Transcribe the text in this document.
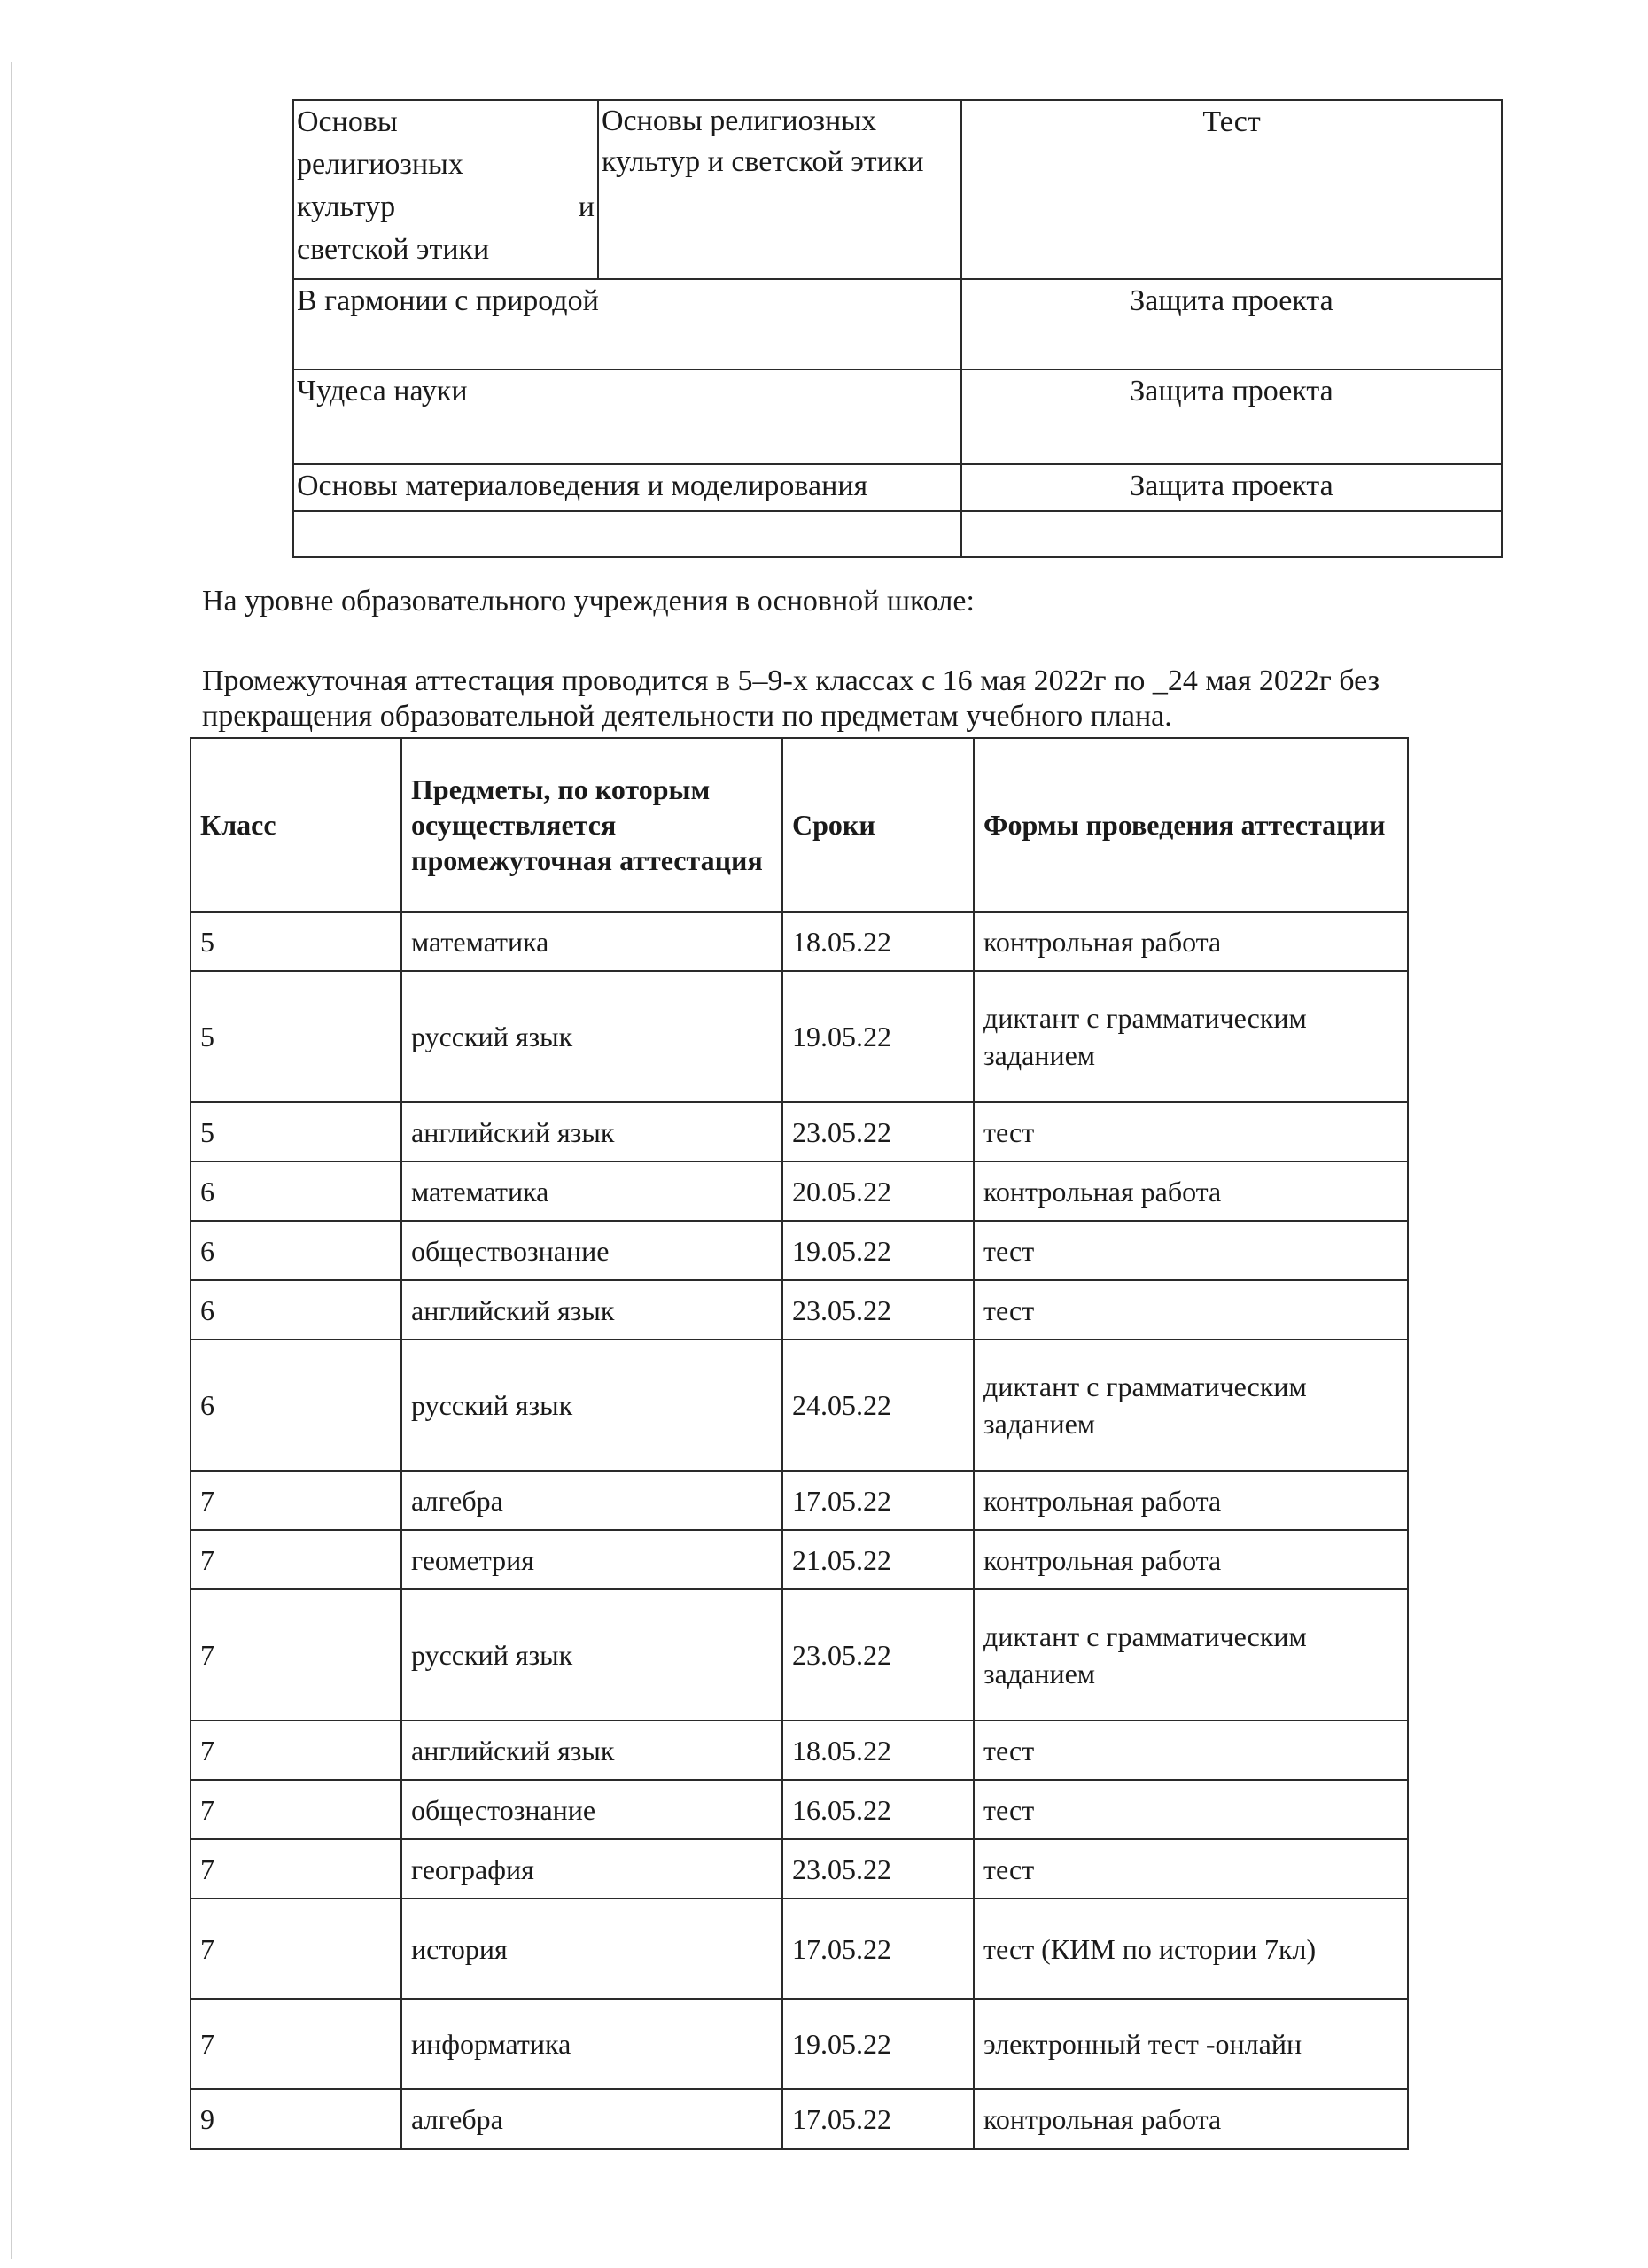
Основы
религиозных
культур и
светской этики	Основы религиозных культур и светской этики	Тест
В гармонии с природой		Защита проекта
Чудеса науки		Защита проекта
Основы материаловедения и моделирования		Защита проекта

На уровне образовательного учреждения в основной школе:
Промежуточная аттестация проводится в 5–9-х классах с 16 мая 2022г по _24 мая 2022г без
прекращения образовательной деятельности по предметам учебного плана.
Класс	Предметы, по которым осуществляется промежуточная аттестация	Сроки	Формы проведения аттестации
5	математика	18.05.22	контрольная работа
5	русский язык	19.05.22	диктант с грамматическим заданием
5	английский язык	23.05.22	тест
6	математика	20.05.22	контрольная работа
6	обществознание	19.05.22	тест
6	английский язык	23.05.22	тест
6	русский язык	24.05.22	диктант с грамматическим заданием
7	алгебра	17.05.22	контрольная работа
7	геометрия	21.05.22	контрольная работа
7	русский язык	23.05.22	диктант с грамматическим заданием
7	английский язык	18.05.22	тест
7	общестознание	16.05.22	тест
7	география	23.05.22	тест
7	история	17.05.22	тест (КИМ по истории 7кл)
7	информатика	19.05.22	электронный тест -онлайн
9	алгебра	17.05.22	контрольная работа
